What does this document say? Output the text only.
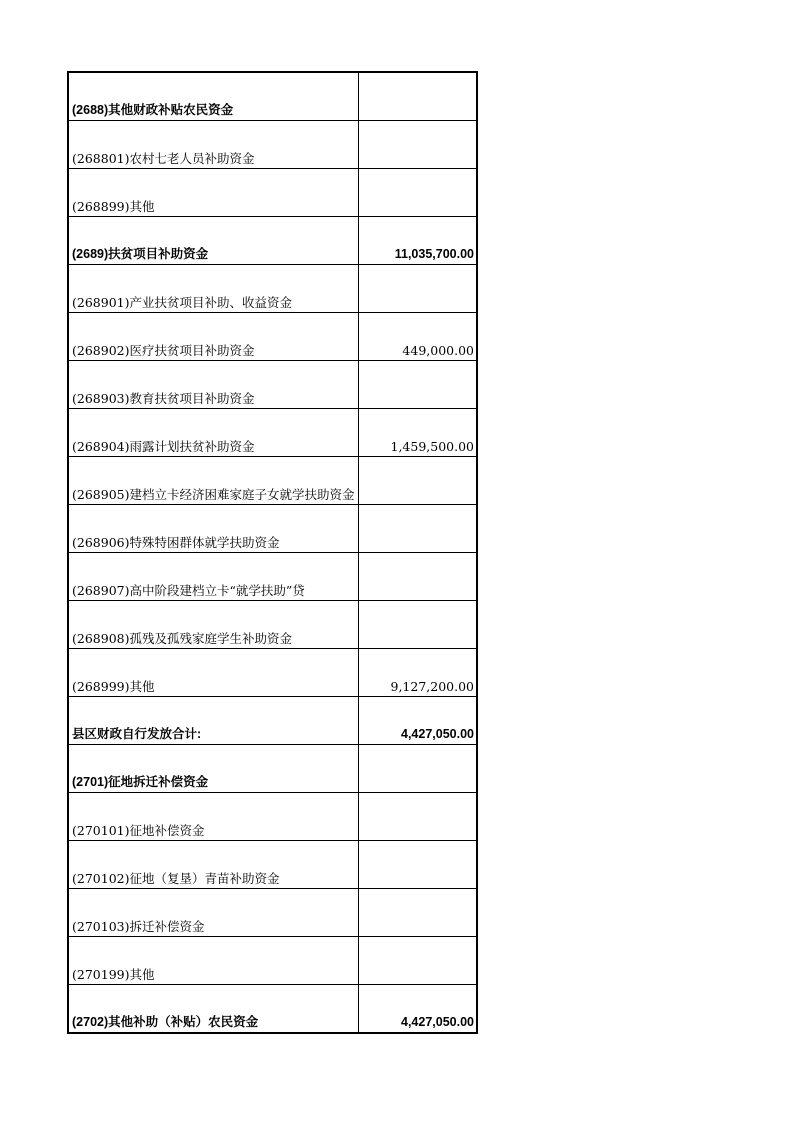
(2688)其他财政补贴农民资金	
(268801)农村七老人员补助资金	
(268899)其他	
(2689)扶贫项目补助资金	11,035,700.00
(268901)产业扶贫项目补助、收益资金	
(268902)医疗扶贫项目补助资金	449,000.00
(268903)教育扶贫项目补助资金	
(268904)雨露计划扶贫补助资金	1,459,500.00
(268905)建档立卡经济困难家庭子女就学扶助资金	
(268906)特殊特困群体就学扶助资金	
(268907)高中阶段建档立卡“就学扶助”贷	
(268908)孤残及孤残家庭学生补助资金	
(268999)其他	9,127,200.00
县区财政自行发放合计:	4,427,050.00
(2701)征地拆迁补偿资金	
(270101)征地补偿资金	
(270102)征地（复垦）青苗补助资金	
(270103)拆迁补偿资金	
(270199)其他	
(2702)其他补助（补贴）农民资金	4,427,050.00
